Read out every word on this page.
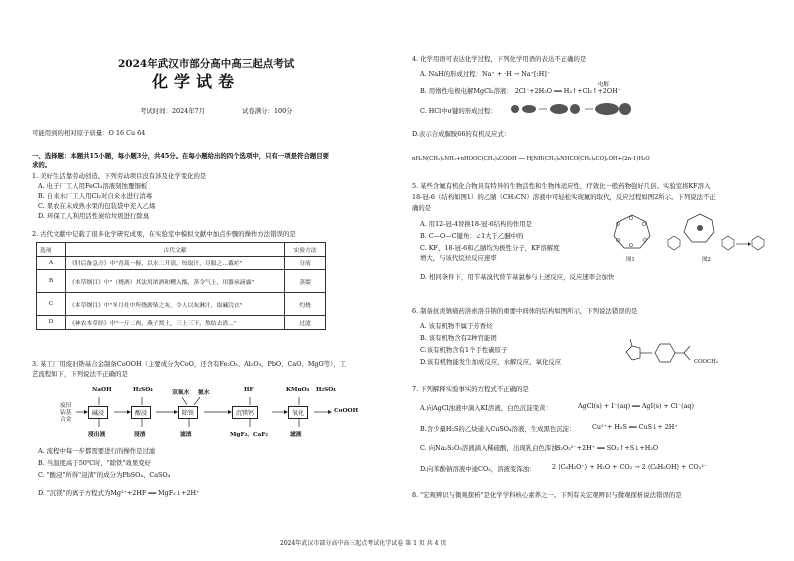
2024年武汉市部分高中高三起点考试
化学试卷
考试时间：2024年7月	试卷满分：100分
可能用到的相对原子质量：O 16 Cu 64
一、选择题：本题共15小题，每小题3分，共45分。在每小题给出的四个选项中，只有一项是符合题目要
求的。
1. 美好生活靠劳动创造。下列劳动项目没有涉及化学变化的是
A. 电子厂工人用FeCl₃溶液刻蚀覆铜板
B. 自来水厂工人用Cl₂对自来水进行消毒
C. 果农在未成熟水果的包装袋中充入乙烯
D. 环保工人利用活性炭给垃圾进行除臭
2. 古代文献中记载了很多化学研究成果，在实验室中模拟文献中加点步骤的操作方法错误的是
选项	古代文献	实验方法
A	《肘后备急方》中"青蒿一握，以水二升渍，绞取汁，尽服之…截疟"	分液
B	《本草纲目》中"（烧酒）其法用浓酒和糟入甑，蒸令气上，用器承滴露"	蒸馏
C	《本草纲目》中"冬月灶中所烧薪柴之灰，令人以灰淋汁，取碱浣衣"	灼烧
D	《神农本草经》中"一斤二两，燕子窝土，三上三下，熬结去渣…"	过滤
3. 某工厂用废旧锆基合金制备CoOOH（主要成分为CoO，还含有Fe₂O₃、Al₂O₃、PbO、CaO、MgO等），工
艺流程如下，下列说法不正确的是
NaOH	H₂SO₄	双氧水 氨水	HF	KMnO₄ H₂SO₄
废旧
钴基
合金
碱浸	酸浸	除铁	沉镁钙	氧化	CoOOH
浸出液	浸渣	滤渣	MgF₂、CaF₂	滤液
A. 流程中每一步都需要进行的操作是过滤
B. 当温度高于50℃时，"除铁"效果变好
C. "酸浸"所得"浸渣"的成分为PbSO₄、CaSO₄
D. "沉镁"的离子方程式为Mg²⁺+2HF ══ MgF₂↓+2H⁺
4. 化学用语可表达化学过程，下列化学用语的表达不正确的是
A. NaH的形成过程：Na⁺ + ·H → Na⁺[:H]⁻
B. 用惰性电极电解MgCl₂溶液： 2Cl⁻+2H₂O ══ H₂↑+Cl₂↑+2OH⁻
电解
C. HCl中σ键的形成过程：
D.表示合成脲胺66的有机反应式：
nH₂N(CH₂)₆NH₂+nHOOC(CH₂)₄COOH ── H[NH(CH₂)₆NHCO(CH₂)₄CO]ₙOH+(2n-1)H₂O
5. 某些含氟有机化合物具有特异的生物活性和生物体适应性，疗效比一般药物强好几倍。实验室将KF溶入
18-冠-6（结构如图1）的乙腈（CH₃CN）溶液中可轻松实现氟的取代，反应过程如图2所示。下列说法不正
确的是
A. 用12-冠-4替换18-冠-6结构的作用是
B. C—O—C键角：∠1大于乙醚中的
C. KF、18-冠-6和乙腈均为极性分子，KF溶解度
增大，与该代烷烃反应速率
D. 相同条件下，用苄基溴代替苄基氯参与上述反应，反应速率会加快
O
O
O
O
O
O
图1	图2
6. 制备抗炎镇痛药洛索洛芬钠的重要中间体的结构如图所示，下列说法错误的是
A. 该有机物不属于芳香烃
B. 该有机物含有2种官能团
C.该有机物含有1个手性碳原子
D.该有机物能发生加成反应、水解反应、氧化反应	COOCH₃
7. 下列解释实验事实的方程式不正确的是
A.向AgCl浊液中滴入KI溶液，白色沉淀变黄：
B.含少量H₂S的乙炔通入CuSO₄溶液，生成黑色沉淀：
C. 向Na₂S₂O₃溶液滴入稀硫酸，出现乳白色浑浊：
D.向苯酚钠溶液中通CO₂，溶液变浑浊：
AgCl(s) + I⁻(aq) ══ AgI(s) + Cl⁻(aq)
Cu²⁺+ H₂S ══ CuS↓+ 2H⁺
S₂O₃²⁻+2H⁺ ══ SO₂↑+S↓+H₂O
2 ⟨C₆H₅O⁻⟩ + H₂O + CO₂ → 2 ⟨C₆H₅OH⟩ + CO₃²⁻
8. "宏观辨识与微观探析"是化学学科核心素养之一。下列有关宏观辨识与微观探析说法错误的是
2024年武汉市部分高中高三起点考试化学试卷 第 1 页 共 4 页
